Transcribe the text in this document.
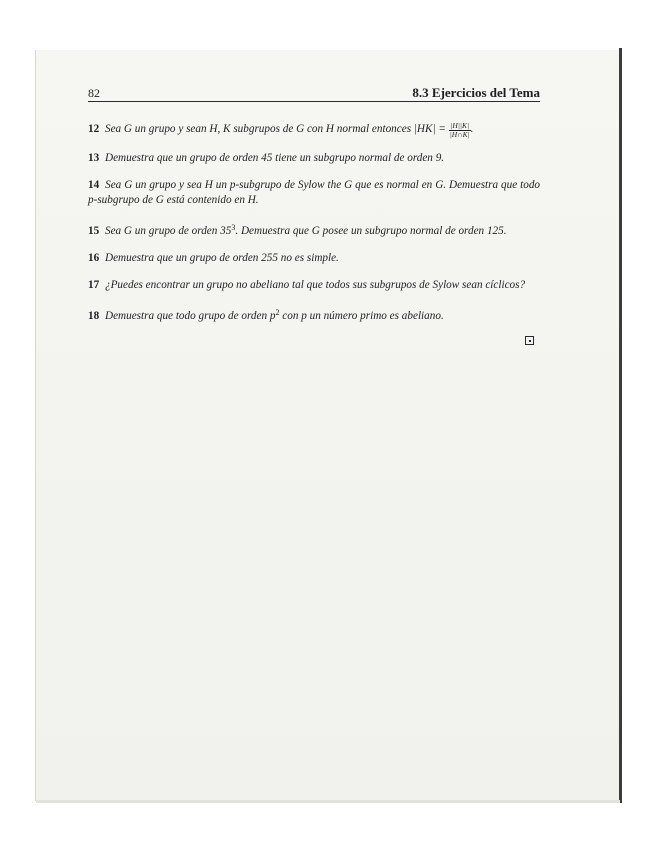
82	8.3 Ejercicios del Tema

12 Sea G un grupo y sean H, K subgrupos de G con H normal entonces $|HK| = \frac{|H||K|}{|H\cap K|}$ .

13 Demuestra que un grupo de orden 45 tiene un subgrupo normal de orden 9.

14 Sea G un grupo y sea H un p-subgrupo de Sylow the G que es normal en G. Demuestra que todo p-subgrupo de G está contenido en H.

15 Sea G un grupo de orden $35^3$. Demuestra que G posee un subgrupo normal de orden 125.

16 Demuestra que un grupo de orden 255 no es simple.

17 ¿Puedes encontrar un grupo no abeliano tal que todos sus subgrupos de Sylow sean cíclicos?

18 Demuestra que todo grupo de orden $p^2$ con p un número primo es abeliano.
